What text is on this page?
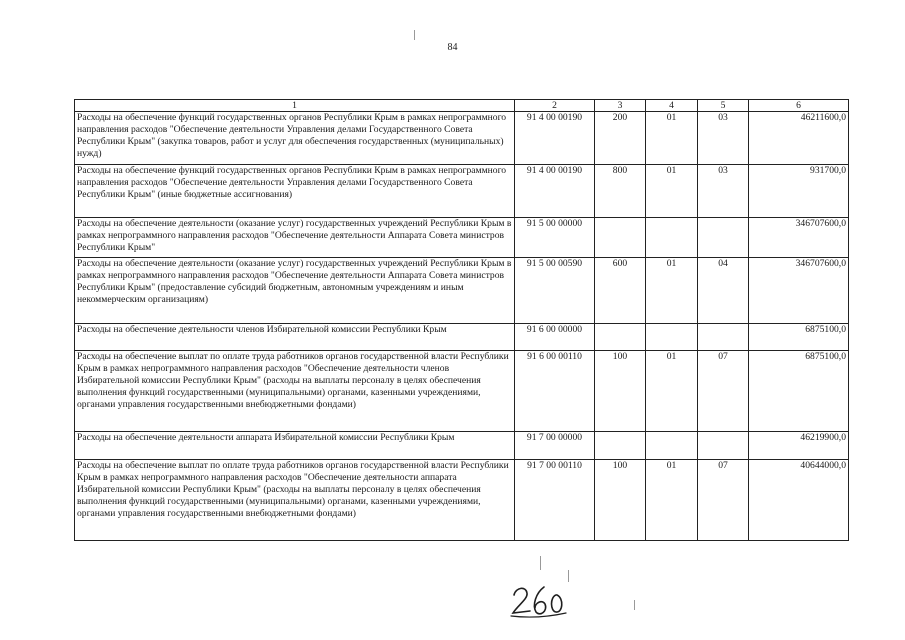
84
1	2	3	4	5	6
Расходы на обеспечение функций государственных органов Республики Крым в рамках непрограммного направления расходов "Обеспечение деятельности Управления делами Государственного Совета Республики Крым" (закупка товаров, работ и услуг для обеспечения государственных (муниципальных) нужд)	91 4 00 00190	200	01	03	46211600,0
Расходы на обеспечение функций государственных органов Республики Крым в рамках непрограммного направления расходов "Обеспечение деятельности Управления делами Государственного Совета Республики Крым" (иные бюджетные ассигнования)	91 4 00 00190	800	01	03	931700,0
Расходы на обеспечение деятельности (оказание услуг) государственных учреждений Республики Крым в рамках непрограммного направления расходов "Обеспечение деятельности Аппарата Совета министров Республики Крым"	91 5 00 00000				346707600,0
Расходы на обеспечение деятельности (оказание услуг) государственных учреждений Республики Крым в рамках непрограммного направления расходов "Обеспечение деятельности Аппарата Совета министров Республики Крым" (предоставление субсидий бюджетным, автономным учреждениям и иным некоммерческим организациям)	91 5 00 00590	600	01	04	346707600,0
Расходы на обеспечение деятельности членов Избирательной комиссии Республики Крым	91 6 00 00000				6875100,0
Расходы на обеспечение выплат по оплате труда работников органов государственной власти Республики Крым в рамках непрограммного направления расходов "Обеспечение деятельности членов Избирательной комиссии Республики Крым" (расходы на выплаты персоналу в целях обеспечения выполнения функций государственными (муниципальными) органами, казенными учреждениями, органами управления государственными внебюджетными фондами)	91 6 00 00110	100	01	07	6875100,0
Расходы на обеспечение деятельности аппарата Избирательной комиссии Республики Крым	91 7 00 00000				46219900,0
Расходы на обеспечение выплат по оплате труда работников органов государственной власти Республики Крым в рамках непрограммного направления расходов "Обеспечение деятельности аппарата Избирательной комиссии Республики Крым" (расходы на выплаты персоналу в целях обеспечения выполнения функций государственными (муниципальными) органами, казенными учреждениями, органами управления государственными внебюджетными фондами)	91 7 00 00110	100	01	07	40644000,0
